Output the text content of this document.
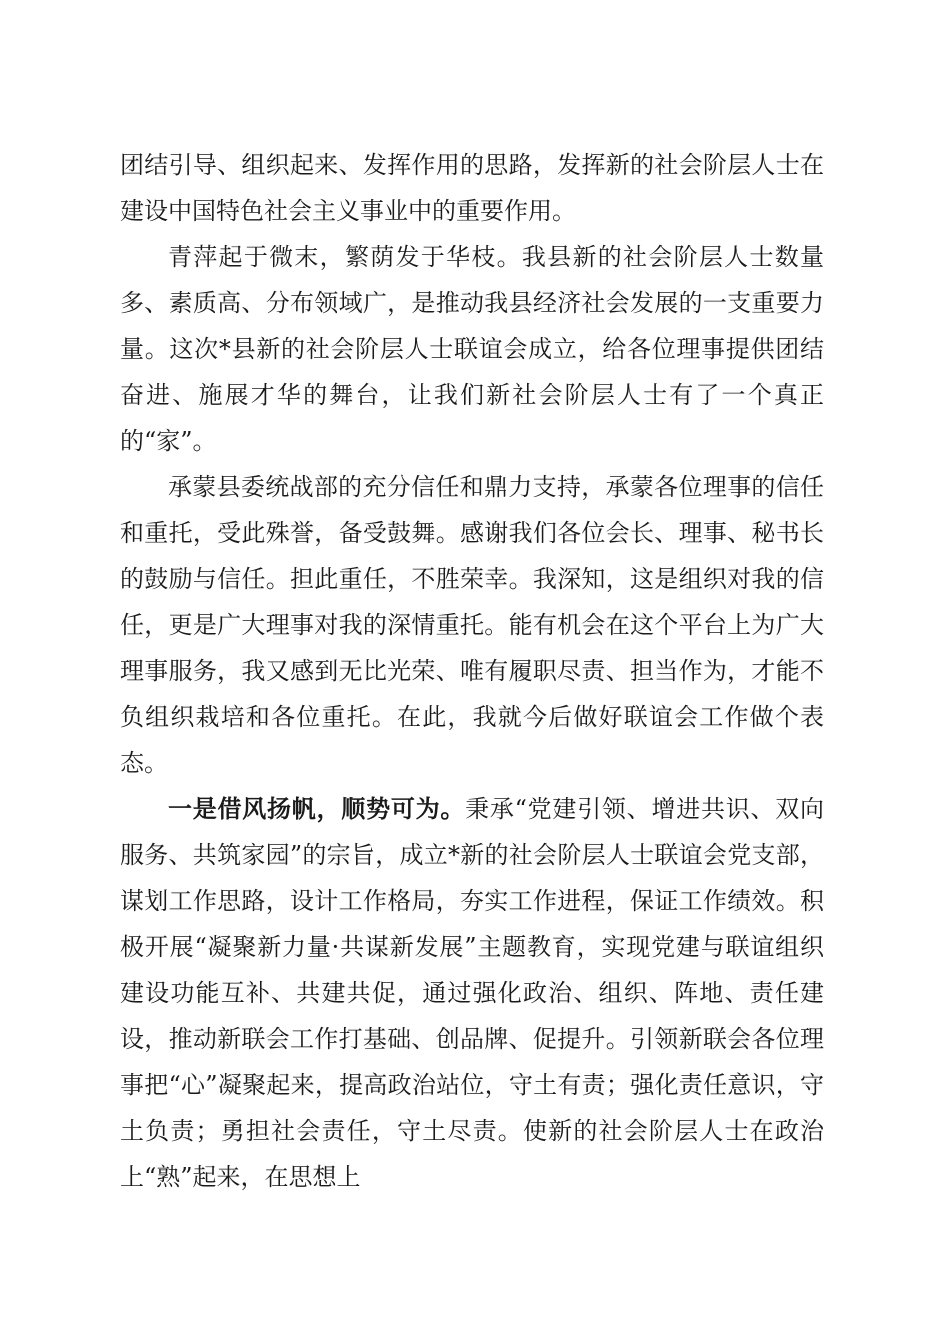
团结引导、组织起来、发挥作用的思路，发挥新的社会阶层人士在建设中国特色社会主义事业中的重要作用。

青萍起于微末，繁荫发于华枝。我县新的社会阶层人士数量多、素质高、分布领域广，是推动我县经济社会发展的一支重要力量。这次*县新的社会阶层人士联谊会成立，给各位理事提供团结奋进、施展才华的舞台，让我们新社会阶层人士有了一个真正的“家”。

承蒙县委统战部的充分信任和鼎力支持，承蒙各位理事的信任和重托，受此殊誉，备受鼓舞。感谢我们各位会长、理事、秘书长的鼓励与信任。担此重任，不胜荣幸。我深知，这是组织对我的信任，更是广大理事对我的深情重托。能有机会在这个平台上为广大理事服务，我又感到无比光荣、唯有履职尽责、担当作为，才能不负组织栽培和各位重托。在此，我就今后做好联谊会工作做个表态。

一是借风扬帆，顺势可为。秉承“党建引领、增进共识、双向服务、共筑家园”的宗旨，成立*新的社会阶层人士联谊会党支部，谋划工作思路，设计工作格局，夯实工作进程，保证工作绩效。积极开展“凝聚新力量·共谋新发展”主题教育，实现党建与联谊组织建设功能互补、共建共促，通过强化政治、组织、阵地、责任建设，推动新联会工作打基础、创品牌、促提升。引领新联会各位理事把“心”凝聚起来，提高政治站位，守土有责；强化责任意识，守土负责；勇担社会责任，守土尽责。使新的社会阶层人士在政治上“熟”起来，在思想上
